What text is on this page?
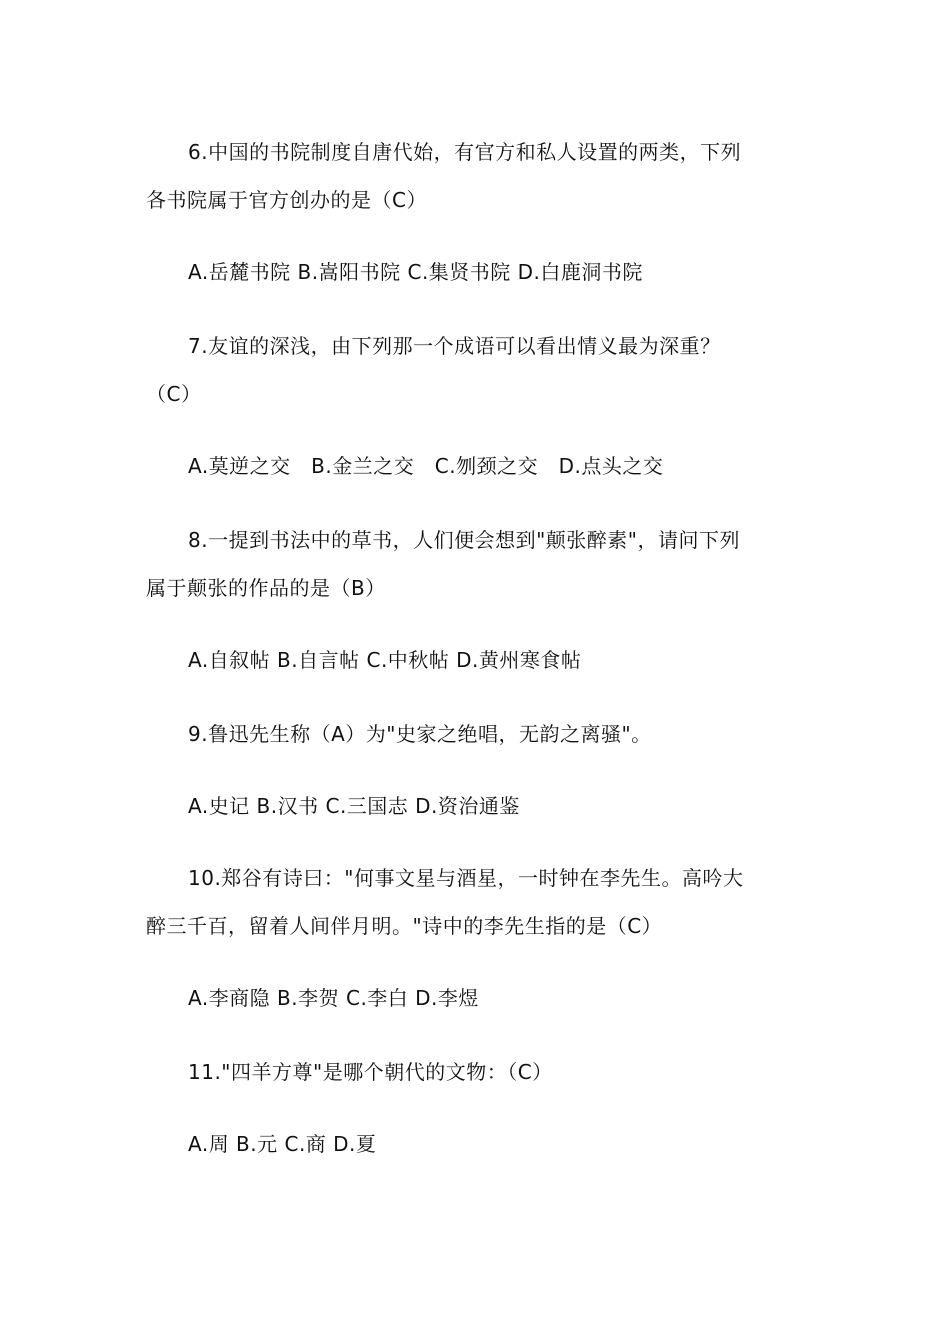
6.中国的书院制度自唐代始，有官方和私人设置的两类，下列
各书院属于官方创办的是（C）
A.岳麓书院 B.嵩阳书院 C.集贤书院 D.白鹿洞书院
7.友谊的深浅，由下列那一个成语可以看出情义最为深重？
（C）
A.莫逆之交　B.金兰之交　C.刎颈之交　D.点头之交
8.一提到书法中的草书，人们便会想到"颠张醉素"，请问下列
属于颠张的作品的是（B）
A.自叙帖 B.自言帖 C.中秋帖 D.黄州寒食帖
9.鲁迅先生称（A）为"史家之绝唱，无韵之离骚"。
A.史记 B.汉书 C.三国志 D.资治通鉴
10.郑谷有诗曰："何事文星与酒星，一时钟在李先生。高吟大
醉三千百，留着人间伴月明。"诗中的李先生指的是（C）
A.李商隐 B.李贺 C.李白 D.李煜
11."四羊方尊"是哪个朝代的文物：（C）
A.周 B.元 C.商 D.夏
